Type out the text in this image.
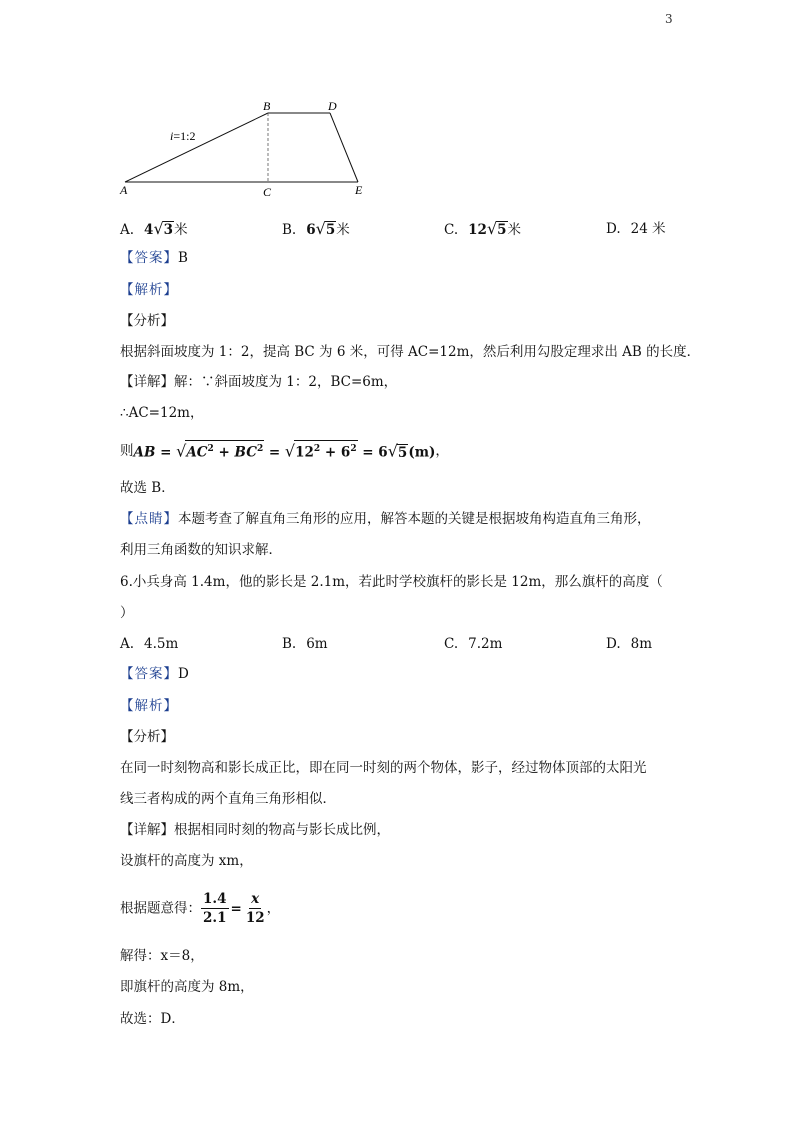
3
A
B
C
D
E
i=1:2
A. 4√3米	B. 6√5米	C. 12√5米	D. 24 米
【答案】B
【解析】
【分析】
根据斜面坡度为 1：2，提高 BC 为 6 米，可得 AC=12m，然后利用勾股定理求出 AB 的长度．
【详解】解：∵斜面坡度为 1：2，BC=6m，
∴AC=12m，
则AB = $√AC^2 + BC^2 = √12^2 + 6^2 = 6√5(m)$，
故选 B．
【点睛】本题考查了解直角三角形的应用，解答本题的关键是根据坡角构造直角三角形，
利用三角函数的知识求解．
6.小兵身高 1.4m，他的影长是 2.1m，若此时学校旗杆的影长是 12m，那么旗杆的高度（
）
A. 4.5m	B. 6m	C. 7.2m	D. 8m
【答案】D
【解析】
【分析】
在同一时刻物高和影长成正比，即在同一时刻的两个物体，影子，经过物体顶部的太阳光
线三者构成的两个直角三角形相似．
【详解】根据相同时刻的物高与影长成比例，
设旗杆的高度为 xm，
根据题意得： $\frac{1.4}{2.1} = \frac{x}{12}$ ，
解得：x＝8，
即旗杆的高度为 8m，
故选：D．
